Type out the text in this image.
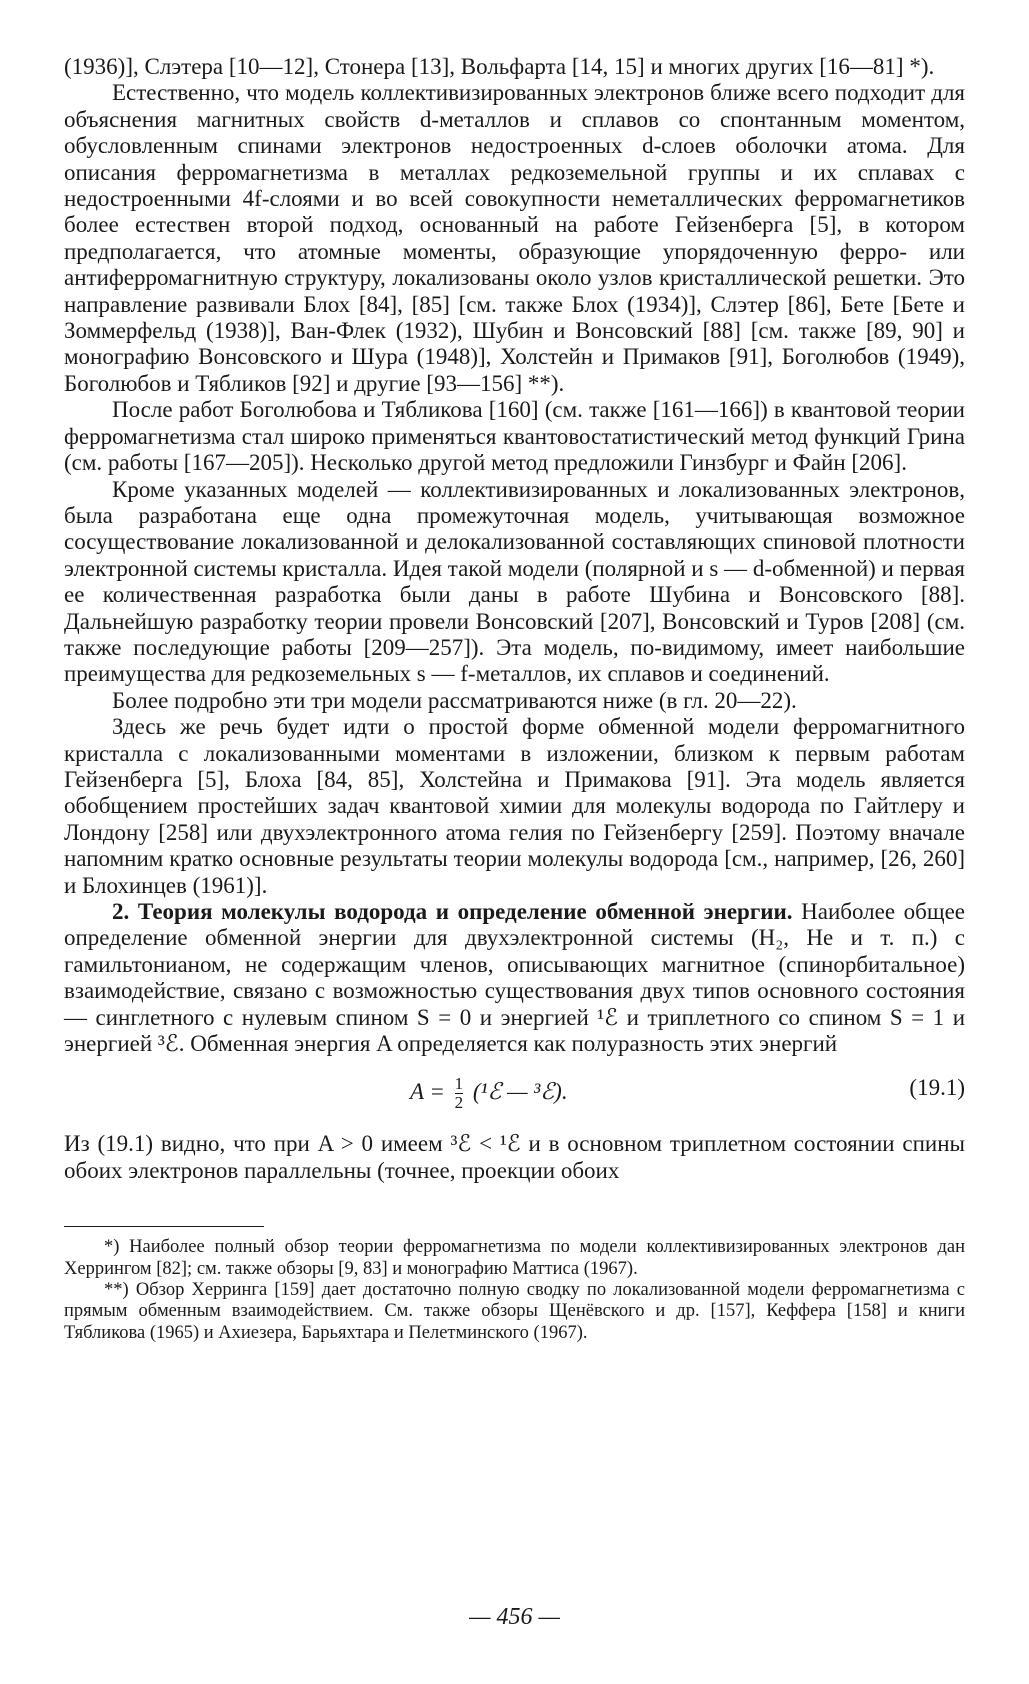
(1936)], Слэтера [10—12], Стонера [13], Вольфарта [14, 15] и многих других [16—81] *).

Естественно, что модель коллективизированных электронов ближе всего подходит для объяснения магнитных свойств d-металлов и сплавов со спонтанным моментом, обусловленным спинами электронов недостроенных d-слоев оболочки атома. Для описания ферромагнетизма в металлах редкоземельной группы и их сплавах с недостроенными 4f-слоями и во всей совокупности неметаллических ферромагнетиков более естествен второй подход, основанный на работе Гейзенберга [5], в котором предполагается, что атомные моменты, образующие упорядоченную ферро- или антиферромагнитную структуру, локализованы около узлов кристаллической решетки. Это направление развивали Блох [84], [85] [см. также Блох (1934)], Слэтер [86], Бете [Бете и Зоммерфельд (1938)], Ван-Флек (1932), Шубин и Вонсовский [88] [см. также [89, 90] и монографию Вонсовского и Шура (1948)], Холстейн и Примаков [91], Боголюбов (1949), Боголюбов и Тябликов [92] и другие [93—156] **).

После работ Боголюбова и Тябликова [160] (см. также [161—166]) в квантовой теории ферромагнетизма стал широко применяться квантовостатистический метод функций Грина (см. работы [167—205]). Несколько другой метод предложили Гинзбург и Файн [206].

Кроме указанных моделей — коллективизированных и локализованных электронов, была разработана еще одна промежуточная модель, учитывающая возможное сосуществование локализованной и делокализованной составляющих спиновой плотности электронной системы кристалла. Идея такой модели (полярной и s — d-обменной) и первая ее количественная разработка были даны в работе Шубина и Вонсовского [88]. Дальнейшую разработку теории провели Вонсовский [207], Вонсовский и Туров [208] (см. также последующие работы [209—257]). Эта модель, по-видимому, имеет наибольшие преимущества для редкоземельных s — f-металлов, их сплавов и соединений.

Более подробно эти три модели рассматриваются ниже (в гл. 20—22).

Здесь же речь будет идти о простой форме обменной модели ферромагнитного кристалла с локализованными моментами в изложении, близком к первым работам Гейзенберга [5], Блоха [84, 85], Холстейна и Примакова [91]. Эта модель является обобщением простейших задач квантовой химии для молекулы водорода по Гайтлеру и Лондону [258] или двухэлектронного атома гелия по Гейзенбергу [259]. Поэтому вначале напомним кратко основные результаты теории молекулы водорода [см., например, [26, 260] и Блохинцев (1961)].

2. Теория молекулы водорода и определение обменной энергии. Наиболее общее определение обменной энергии для двухэлектронной системы (H₂, He и т. п.) с гамильтонианом, не содержащим членов, описывающих магнитное (спинорбитальное) взаимодействие, связано с возможностью существования двух типов основного состояния — синглетного с нулевым спином S = 0 и энергией ¹ℰ и триплетного со спином S = 1 и энергией ³ℰ. Обменная энергия A определяется как полуразность этих энергий

$A = \frac{1}{2}$ (¹ℰ — ³ℰ).	(19.1)

Из (19.1) видно, что при A > 0 имеем ³ℰ < ¹ℰ и в основном триплетном состоянии спины обоих электронов параллельны (точнее, проекции обоих

*) Наиболее полный обзор теории ферромагнетизма по модели коллективизированных электронов дан Херрингом [82]; см. также обзоры [9, 83] и монографию Маттиса (1967).

**) Обзор Херринга [159] дает достаточно полную сводку по локализованной модели ферромагнетизма с прямым обменным взаимодействием. См. также обзоры Щенёвского и др. [157], Кеффера [158] и книги Тябликова (1965) и Ахиезера, Барьяхтара и Пелетминского (1967).

— 456 —
